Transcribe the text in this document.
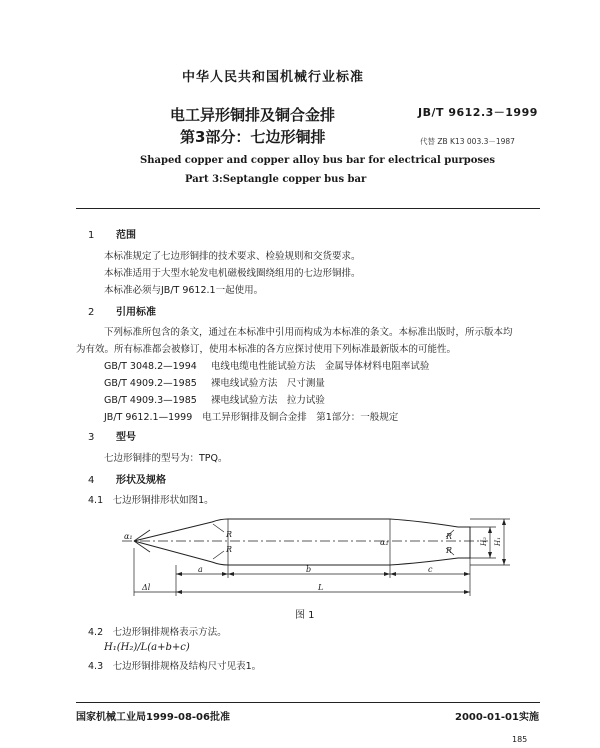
中华人民共和国机械行业标准
电工异形铜排及铜合金排
第3部分：七边形铜排
JB/T 9612.3－1999
代替 ZB K13 003.3－1987
Shaped copper and copper alloy bus bar for electrical purposes
Part 3:Septangle copper bus bar
1 范围
本标准规定了七边形铜排的技术要求、检验规则和交货要求。
本标准适用于大型水轮发电机磁极线圈绕组用的七边形铜排。
本标准必须与JB/T 9612.1一起使用。
2 引用标准
下列标准所包含的条文，通过在本标准中引用而构成为本标准的条文。本标准出版时，所示版本均
为有效。所有标准都会被修订，使用本标准的各方应探讨使用下列标准最新版本的可能性。
GB/T 3048.2—1994 电线电缆电性能试验方法　金属导体材料电阻率试验
GB/T 4909.2—1985 裸电线试验方法　尺寸测量
GB/T 4909.3—1985 裸电线试验方法　拉力试验
JB/T 9612.1—1999 电工异形铜排及铜合金排　第1部分：一般规定
3 型号
七边形铜排的型号为：TPQ。
4 形状及规格
4.1　七边形铜排形状如图1。
α₁
α₂
R
R
R
R
a	b	c
L
Δl
H₂ H₁
图 1
4.2　七边形铜排规格表示方法。
H₁(H₂)/L(a+b+c)
4.3　七边形铜排规格及结构尺寸见表1。
国家机械工业局1999-08-06批准	2000-01-01实施
185
